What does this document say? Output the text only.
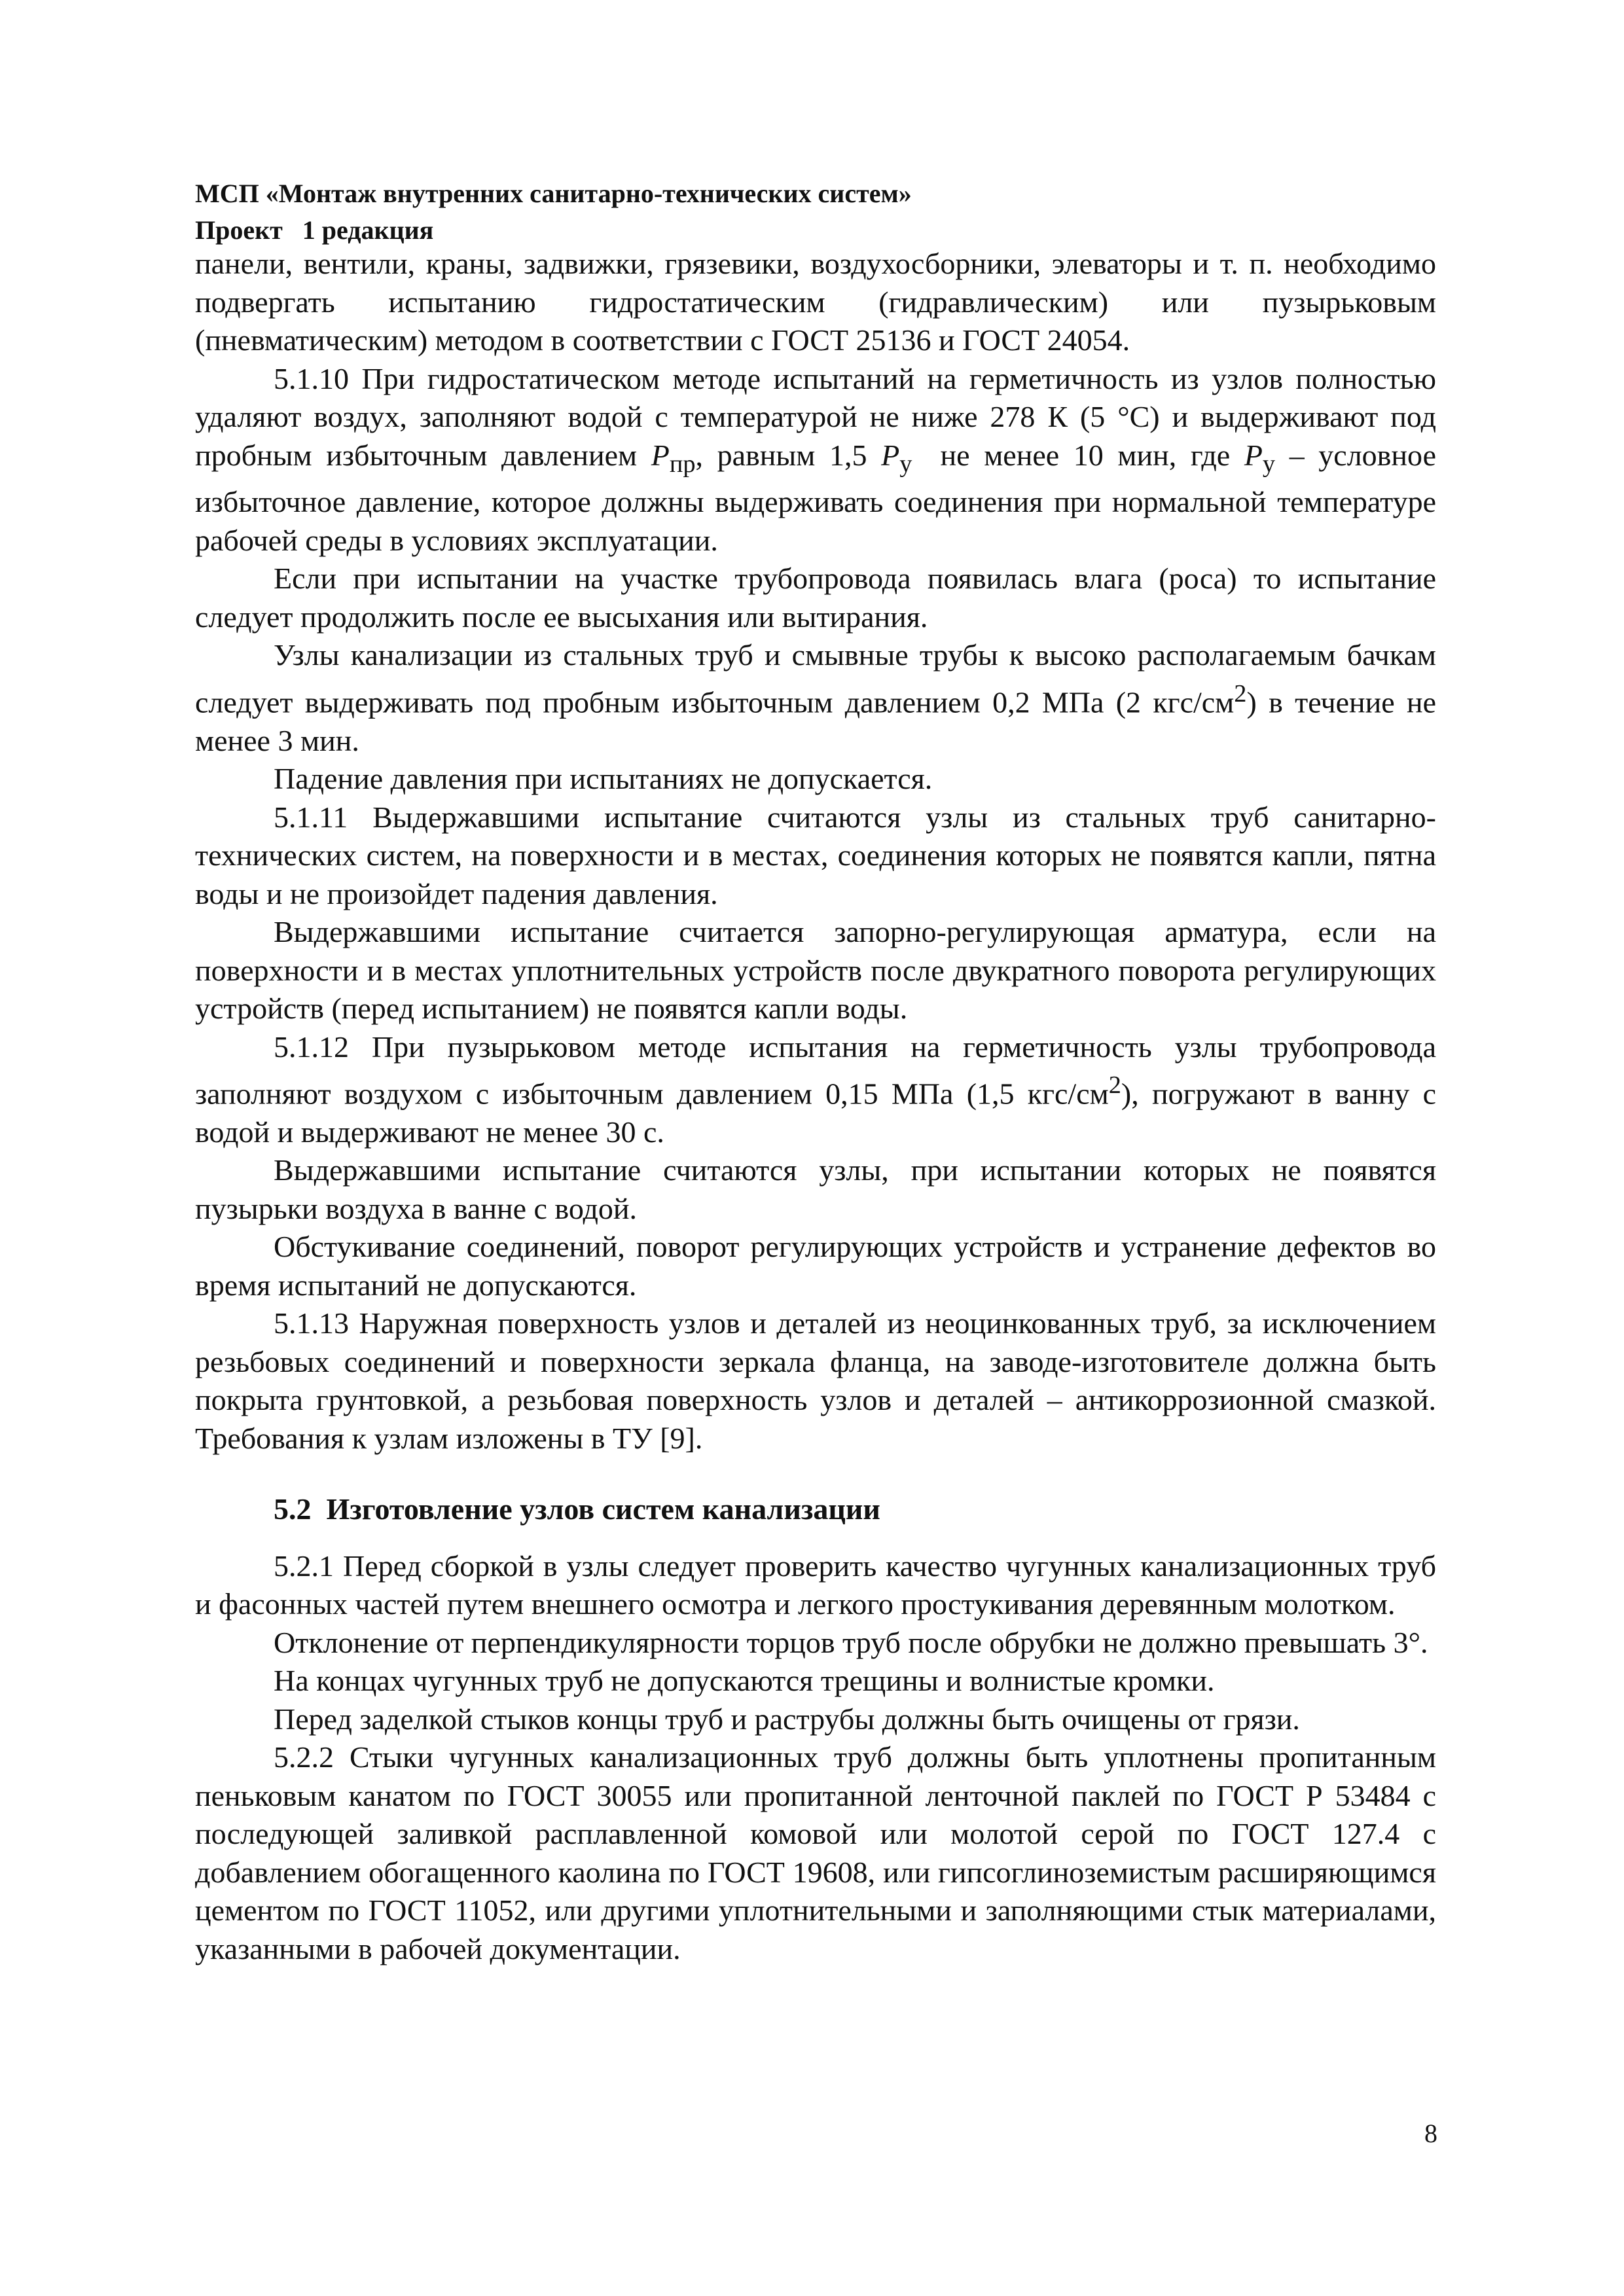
МСП «Монтаж внутренних санитарно-технических систем»
Проект   1 редакция

панели, вентили, краны, задвижки, грязевики, воздухосборники, элеваторы и т. п. необходимо подвергать испытанию гидростатическим (гидравлическим) или пузырьковым (пневматическим) методом в соответствии с ГОСТ 25136 и ГОСТ 24054.

5.1.10 При гидростатическом методе испытаний на герметичность из узлов полностью удаляют воздух, заполняют водой с температурой не ниже 278 К (5 °С) и выдерживают под пробным избыточным давлением $P_{пр}$, равным 1,5 $P_у$  не менее 10 мин, где $P_у$ – условное избыточное давление, которое должны выдерживать соединения при нормальной температуре рабочей среды в условиях эксплуатации.

Если при испытании на участке трубопровода появилась влага (роса) то испытание следует продолжить после ее высыхания или вытирания.

Узлы канализации из стальных труб и смывные трубы к высоко располагаемым бачкам следует выдерживать под пробным избыточным давлением 0,2 МПа (2 кгс/$см^2$) в течение не менее 3 мин.

Падение давления при испытаниях не допускается.

5.1.11 Выдержавшими испытание считаются узлы из стальных труб санитарно-технических систем, на поверхности и в местах, соединения которых не появятся капли, пятна воды и не произойдет падения давления.

Выдержавшими испытание считается запорно-регулирующая арматура, если на поверхности и в местах уплотнительных устройств после двукратного поворота регулирующих устройств (перед испытанием) не появятся капли воды.

5.1.12 При пузырьковом методе испытания на герметичность узлы трубопровода заполняют воздухом с избыточным давлением 0,15 МПа (1,5 кгс/$см^2$), погружают в ванну с водой и выдерживают не менее 30 с.

Выдержавшими испытание считаются узлы, при испытании которых не появятся пузырьки воздуха в ванне с водой.

Обстукивание соединений, поворот регулирующих устройств и устранение дефектов во время испытаний не допускаются.

5.1.13 Наружная поверхность узлов и деталей из неоцинкованных труб, за исключением резьбовых соединений и поверхности зеркала фланца, на заводе-изготовителе должна быть покрыта грунтовкой, а резьбовая поверхность узлов и деталей – антикоррозионной смазкой. Требования к узлам изложены в ТУ [9].

5.2  Изготовление узлов систем канализации

5.2.1 Перед сборкой в узлы следует проверить качество чугунных канализационных труб и фасонных частей путем внешнего осмотра и легкого простукивания деревянным молотком.

Отклонение от перпендикулярности торцов труб после обрубки не должно превышать 3°.

На концах чугунных труб не допускаются трещины и волнистые кромки.

Перед заделкой стыков концы труб и раструбы должны быть очищены от грязи.

5.2.2 Стыки чугунных канализационных труб должны быть уплотнены пропитанным пеньковым канатом по ГОСТ 30055 или пропитанной ленточной паклей по ГОСТ Р 53484 с последующей заливкой расплавленной комовой или молотой серой по ГОСТ 127.4 с добавлением обогащенного каолина по ГОСТ 19608, или гипсоглиноземистым расширяющимся цементом по ГОСТ 11052, или другими уплотнительными и заполняющими стык материалами, указанными в рабочей документации.

8
